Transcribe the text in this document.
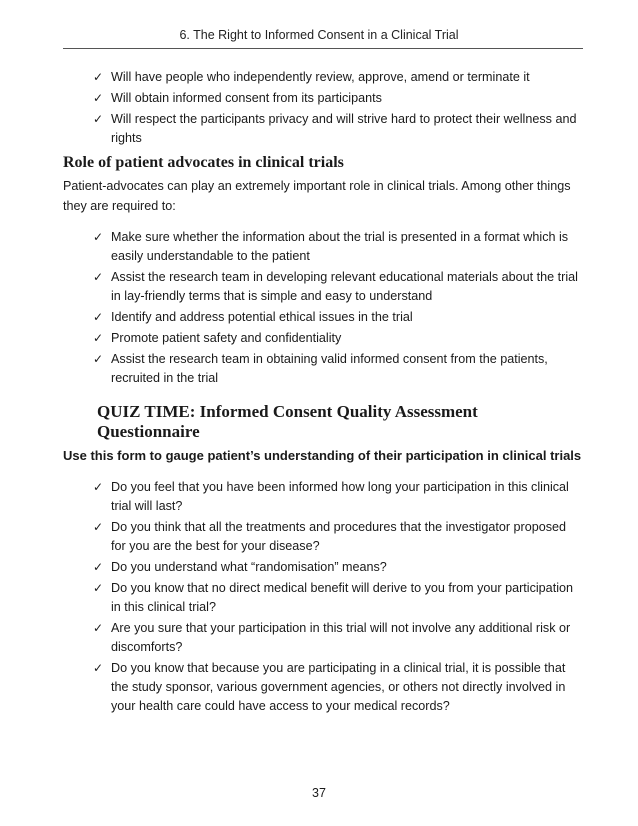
6. The Right to Informed Consent in a Clinical Trial
✓ Will have people who independently review, approve, amend or terminate it
✓ Will obtain informed consent from its participants
✓ Will respect the participants privacy and will strive hard to protect their wellness and rights
Role of patient advocates in clinical trials

Patient-advocates can play an extremely important role in clinical trials. Among other things they are required to:

✓ Make sure whether the information about the trial is presented in a format which is easily understandable to the patient
✓ Assist the research team in developing relevant educational materials about the trial in lay-friendly terms that is simple and easy to understand
✓ Identify and address potential ethical issues in the trial
✓ Promote patient safety and confidentiality
✓ Assist the research team in obtaining valid informed consent from the patients, recruited in the trial
QUIZ TIME: Informed Consent Quality Assessment Questionnaire
Use this form to gauge patient’s understanding of their participation in clinical trials
✓ Do you feel that you have been informed how long your participation in this clinical trial will last?
✓ Do you think that all the treatments and procedures that the investigator proposed for you are the best for your disease?
✓ Do you understand what “randomisation” means?
✓ Do you know that no direct medical benefit will derive to you from your participation in this clinical trial?
✓ Are you sure that your participation in this trial will not involve any additional risk or discomforts?
✓ Do you know that because you are participating in a clinical trial, it is possible that the study sponsor, various government agencies, or others not directly involved in your health care could have access to your medical records?
37
